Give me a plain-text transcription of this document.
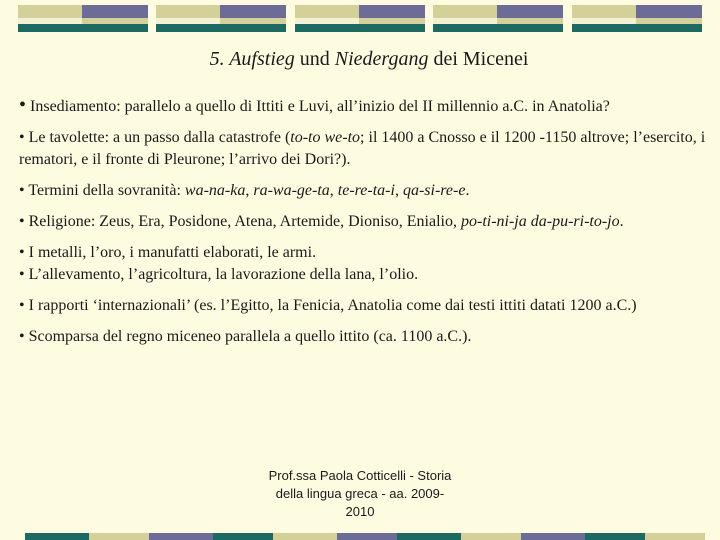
5. Aufstieg und Niedergang dei Micenei

• Insediamento: parallelo a quello di Ittiti e Luvi, all’inizio del II millennio a.C. in Anatolia?

• Le tavolette: a un passo dalla catastrofe (to-to we-to; il 1400 a Cnosso e il 1200 -1150 altrove; l’esercito, i rematori, e il fronte di Pleurone; l’arrivo dei Dori?).

• Termini della sovranità: wa-na-ka, ra-wa-ge-ta, te-re-ta-i, qa-si-re-e.

• Religione: Zeus, Era, Posidone, Atena, Artemide, Dioniso, Enialio, po-ti-ni-ja da-pu-ri-to-jo.

• I metalli, l’oro, i manufatti elaborati, le armi.

• L’allevamento, l’agricoltura, la lavorazione della lana, l’olio.

• I rapporti ‘internazionali’ (es. l’Egitto, la Fenicia, Anatolia come dai testi ittiti datati 1200 a.C.)

• Scomparsa del regno miceneo parallela a quello ittito (ca. 1100 a.C.).

Prof.ssa Paola Cotticelli - Storia
della lingua greca - aa. 2009-
2010
